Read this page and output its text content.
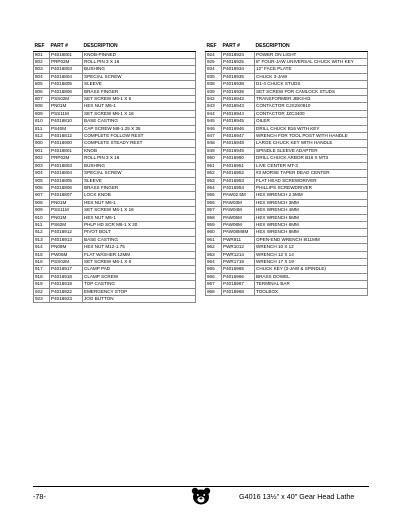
REF	PART #	DESCRIPTION
801	P4016801	KNOB-PINNED
802	PRP02M	ROLL PIN 3 X 16
803	P4016803	BUSHING
804	P4016804	SPECIAL SCREW
805	P4016805	SLEEVE
806	P4016806	BRASS FINGER
807	PSS02M	SET SCREW M6-1 X 6
808	PN01M	HEX NUT M6-1
809	PSS11M	SET SCREW M6-1 X 16
810	P4016810	BASE CASTING
811	PS40M	CAP SCREW M8-1.25 X 35
812	P4016812	COMPLETE FOLLOW REST
900	P4016900	COMPLETE STEADY REST
901	P4016801	KNOB
902	PRP02M	ROLL PIN 3 X 16
903	P4016803	BUSHING
904	P4016804	SPECIAL SCREW
905	P4016805	SLEEVE
906	P4016806	BRASS FINGER
907	P4016807	LOCK KNOB
908	PN01M	HEX NUT M6-1
909	PSS11M	SET SCREW M6-1 X 16
910	PN01M	HEX NUT M6-1
911	PS62M	PHLP HD SCR M6-1 X 30
912	P4016912	PIVOT BOLT
913	P4016913	BASE CASTING
914	PN09M	HEX NUT M12-1.75
915	PW06M	FLAT WASHER 12MM
916	PSS02M	SET SCREW M6-1 X 6
917	P4016917	CLAMP PAD
918	P4016918	CLAMP SCREW
919	P4016919	TOP CASTING
922	P4016922	EMERGENCY STOP
923	P4016923	JOG BUTTON
REF	PART #	DESCRIPTION
924	P4016924	POWER ON LIGHT
925	P4016925	8" FOUR-JAW UNIVERSAL CHUCK WITH KEY
934	P4016934	12" FACE PLATE
935	P4016935	CHUCK 3-JAW
938	P4016938	D1-4 CHUCK STUDS
939	P4016939	SET SCREW FOR CAMLOCK STUDS
942	P4016942	TRANSFORMER JBK3-63
943	P4016943	CONTACTOR CJX2S0910
944	P4016944	CONTACTOR JZC3400
945	P4016945	OILER
946	P4016946	DRILL CHUCK B16 WITH KEY
947	P4016947	WRENCH FOR TOOL POST WITH HANDLE
948	P4016948	LARGE CHUCK KEY WITH HANDLE
949	P4016949	SPINDLE SLEEVE ADAPTER
950	P4016950	DRILL CHUCK ARBOR B16 X MT3
951	P4016951	LIVE CENTER MT-3
952	P4016952	#3 MORSE TAPER DEAD CENTER
953	P4016953	FLAT HEAD SCREWDRIVER
954	P4016954	PHILLIPS SCREWDRIVER
955	PAW02.5M	HEX WRENCH 2.5MM
956	PAW03M	HEX WRENCH 3MM
957	PAW04M	HEX WRENCH 4MM
958	PAW05M	HEX WRENCH 5MM
959	PAW06M	HEX WRENCH 6MM
960	PAW08M8M	HEX WRENCH 8MM
961	PWR911	OPEN-END WRENCH 9/11MM
962	PWR1012	WRENCH 10 X 12
963	PWR1214	WRENCH 12 X 14
964	PWR1719	WRENCH 17 X 19
965	P4016965	CHUCK KEY (3-JAW & SPINDLE)
966	P4016966	BRASS DOWEL
967	P4016967	TERMINAL BAR
968	P4016968	TOOLBOX
-78-	G4016 13½" x 40" Gear Head Lathe
